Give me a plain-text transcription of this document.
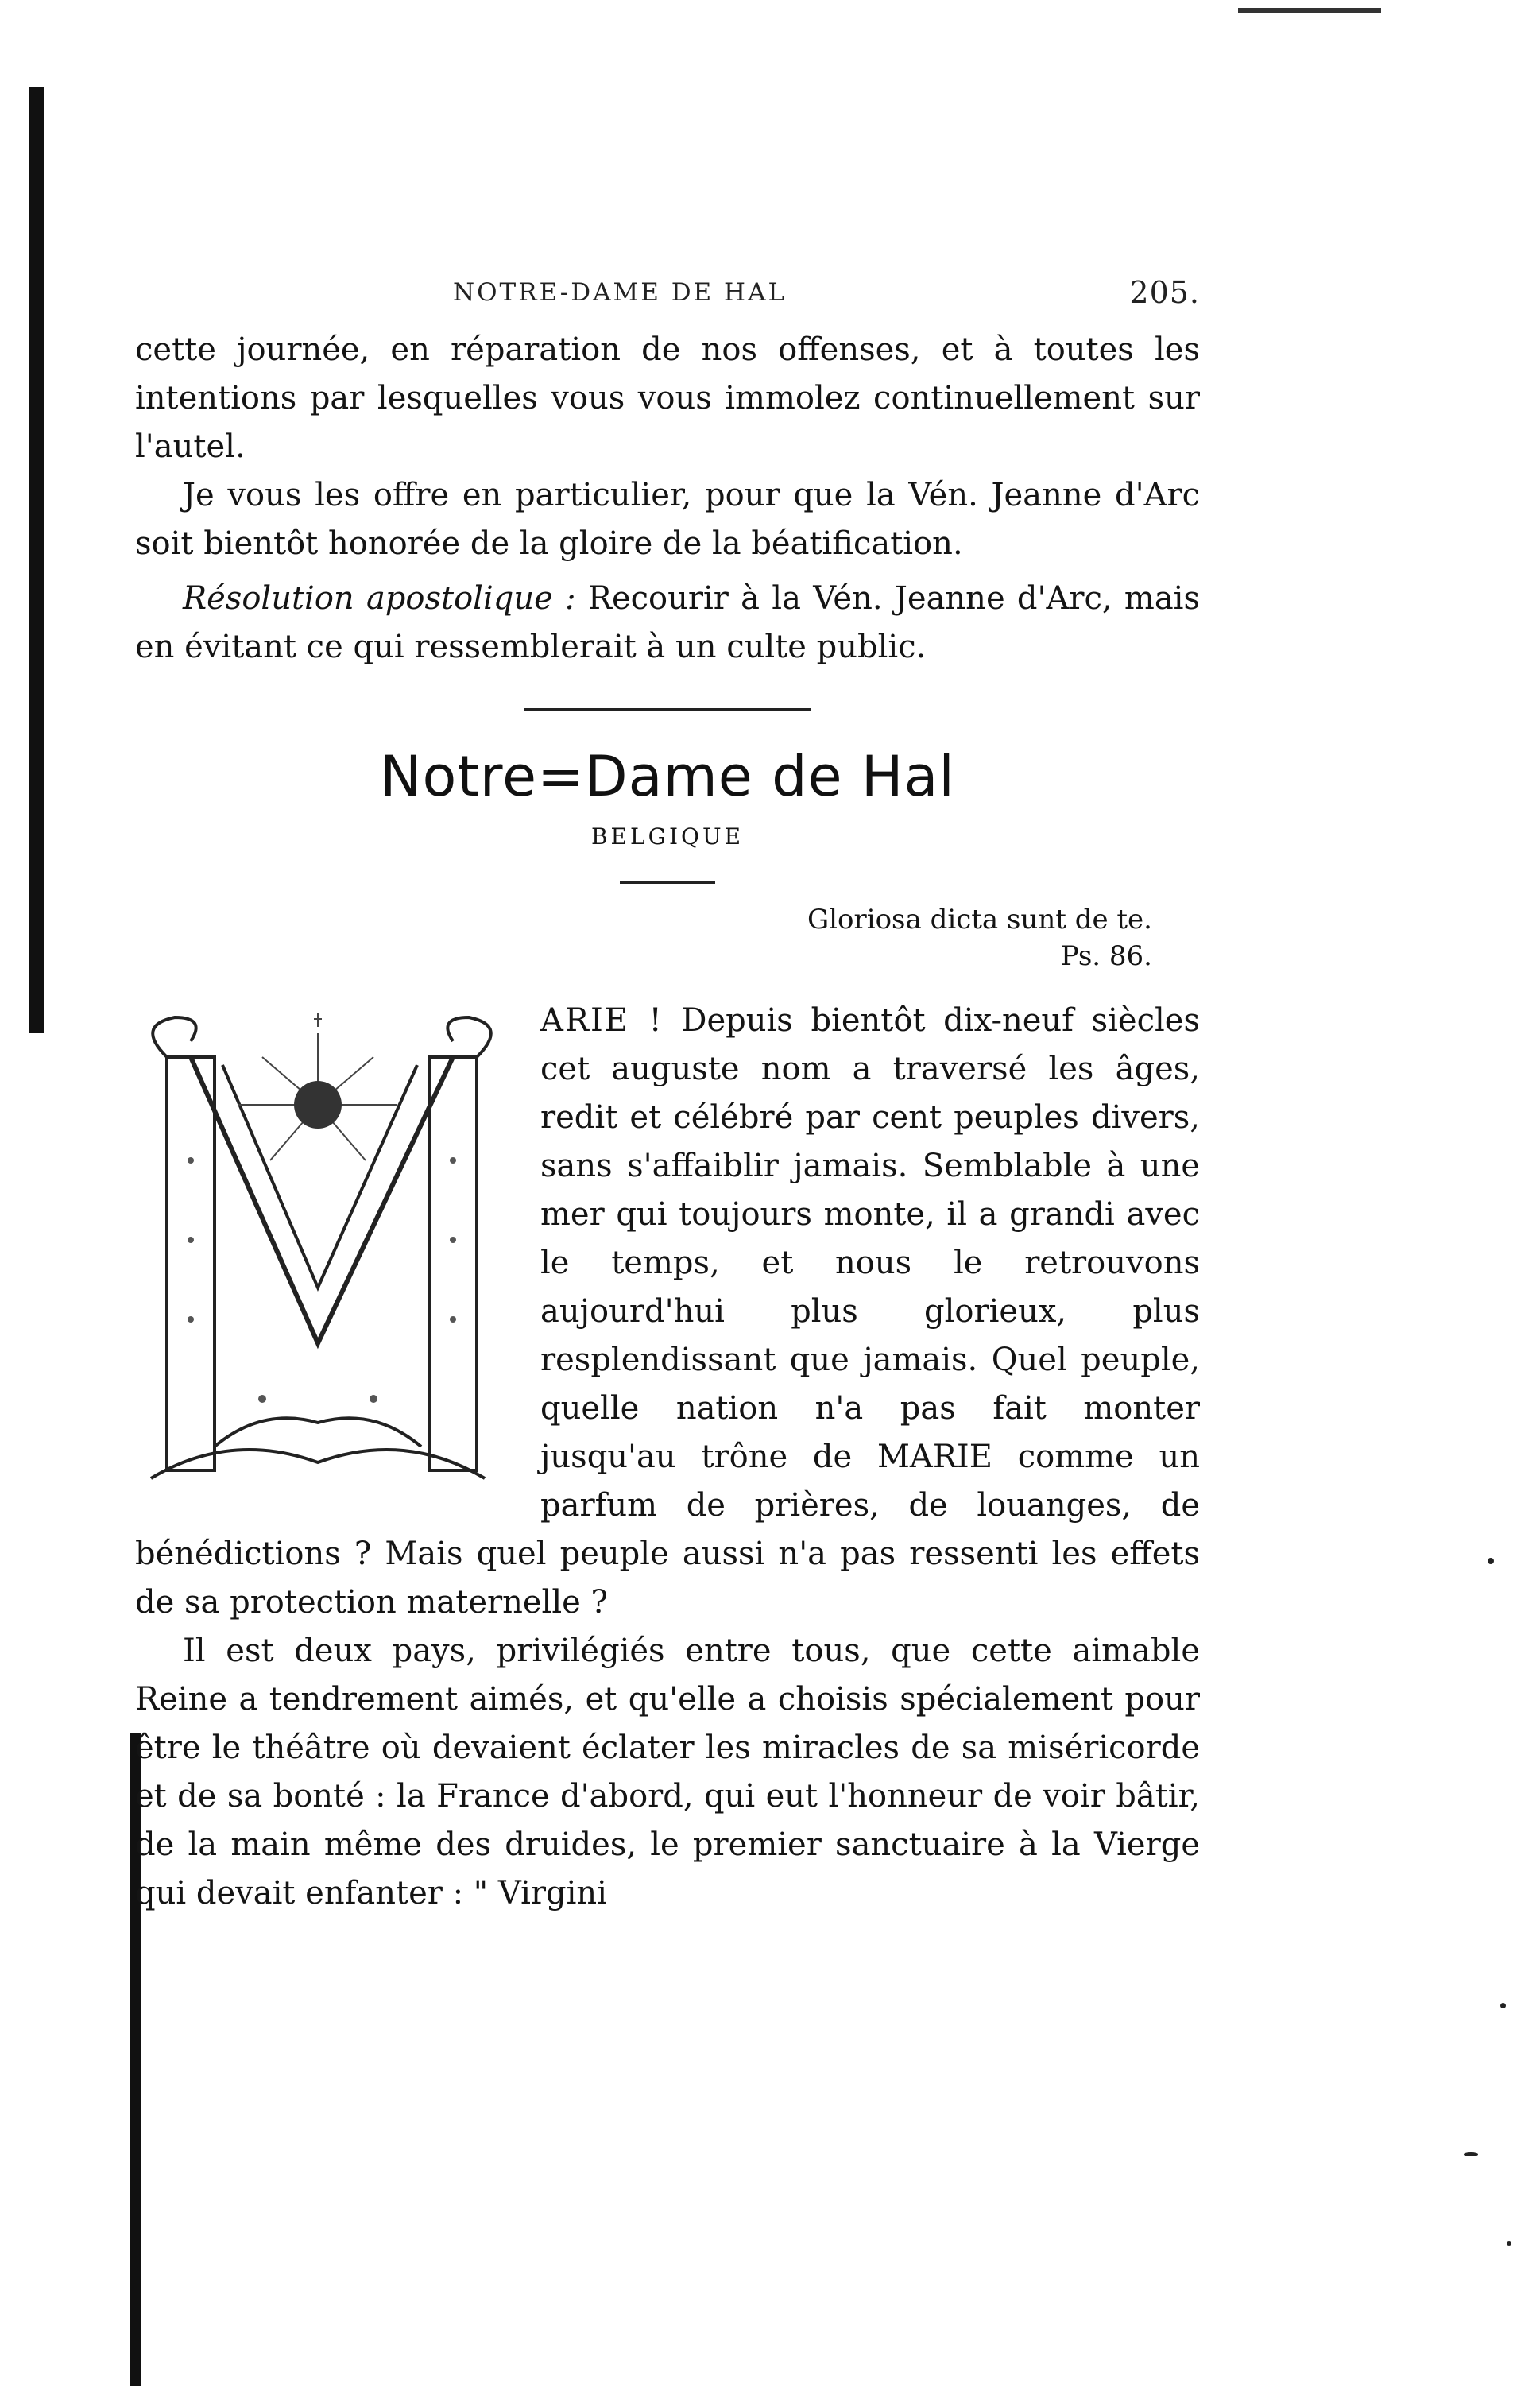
NOTRE-DAME DE HAL	205.

cette journée, en réparation de nos offenses, et à toutes les intentions par lesquelles vous vous immolez continuellement sur l'autel.

Je vous les offre en particulier, pour que la Vén. Jeanne d'Arc soit bientôt honorée de la gloire de la béatification.

Résolution apostolique : Recourir à la Vén. Jeanne d'Arc, mais en évitant ce qui ressemblerait à un culte public.

Notre=Dame de Hal
BELGIQUE
Gloriosa dicta sunt de te.
Ps. 86.

ARIE ! Depuis bientôt dix-neuf siècles cet auguste nom a traversé les âges, redit et célébré par cent peuples divers, sans s'affaiblir jamais. Semblable à une mer qui toujours monte, il a grandi avec le temps, et nous le retrouvons aujourd'hui plus glorieux, plus resplendissant que jamais. Quel peuple, quelle nation n'a pas fait monter jusqu'au trône de MARIE comme un parfum de prières, de louanges, de bénédictions ? Mais quel peuple aussi n'a pas ressenti les effets de sa protection maternelle ?

Il est deux pays, privilégiés entre tous, que cette aimable Reine a tendrement aimés, et qu'elle a choisis spécialement pour être le théâtre où devaient éclater les miracles de sa miséricorde et de sa bonté : la France d'abord, qui eut l'honneur de voir bâtir, de la main même des druides, le premier sanctuaire à la Vierge qui devait enfanter : " Virgini
